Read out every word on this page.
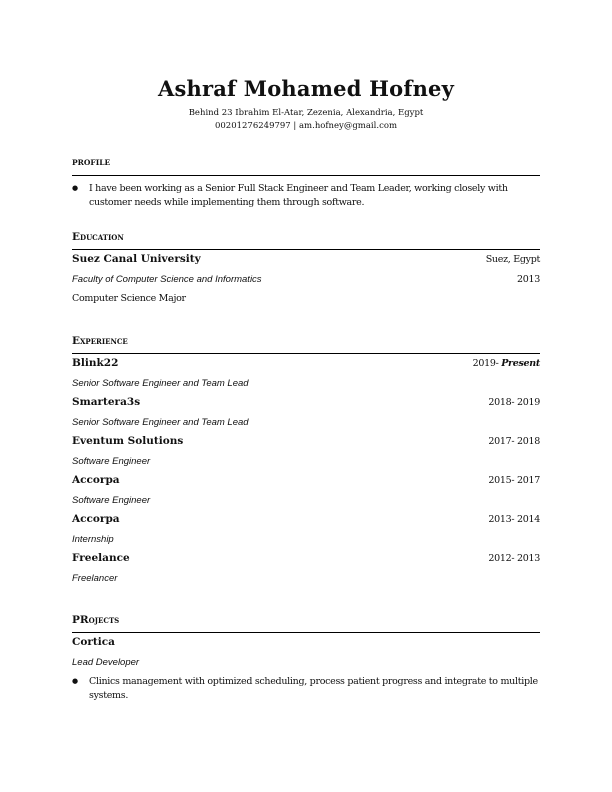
Ashraf Mohamed Hofney
Behind 23 Ibrahim El-Atar, Zezenia, Alexandria, Egypt
00201276249797 | am.hofney@gmail.com
PROFILE
●	I have been working as a Senior Full Stack Engineer and Team Leader, working closely with customer needs while implementing them through software.
Education
Suez Canal University	Suez, Egypt
Faculty of Computer Science and Informatics	2013
Computer Science Major
Experience
Blink22	2019- Present
Senior Software Engineer and Team Lead
Smartera3s	2018- 2019
Senior Software Engineer and Team Lead
Eventum Solutions	2017- 2018
Software Engineer
Accorpa	2015- 2017
Software Engineer
Accorpa	2013- 2014
Internship
Freelance	2012- 2013
Freelancer
PRojects
Cortica
Lead Developer
●	Clinics management with optimized scheduling, process patient progress and integrate to multiple systems.
